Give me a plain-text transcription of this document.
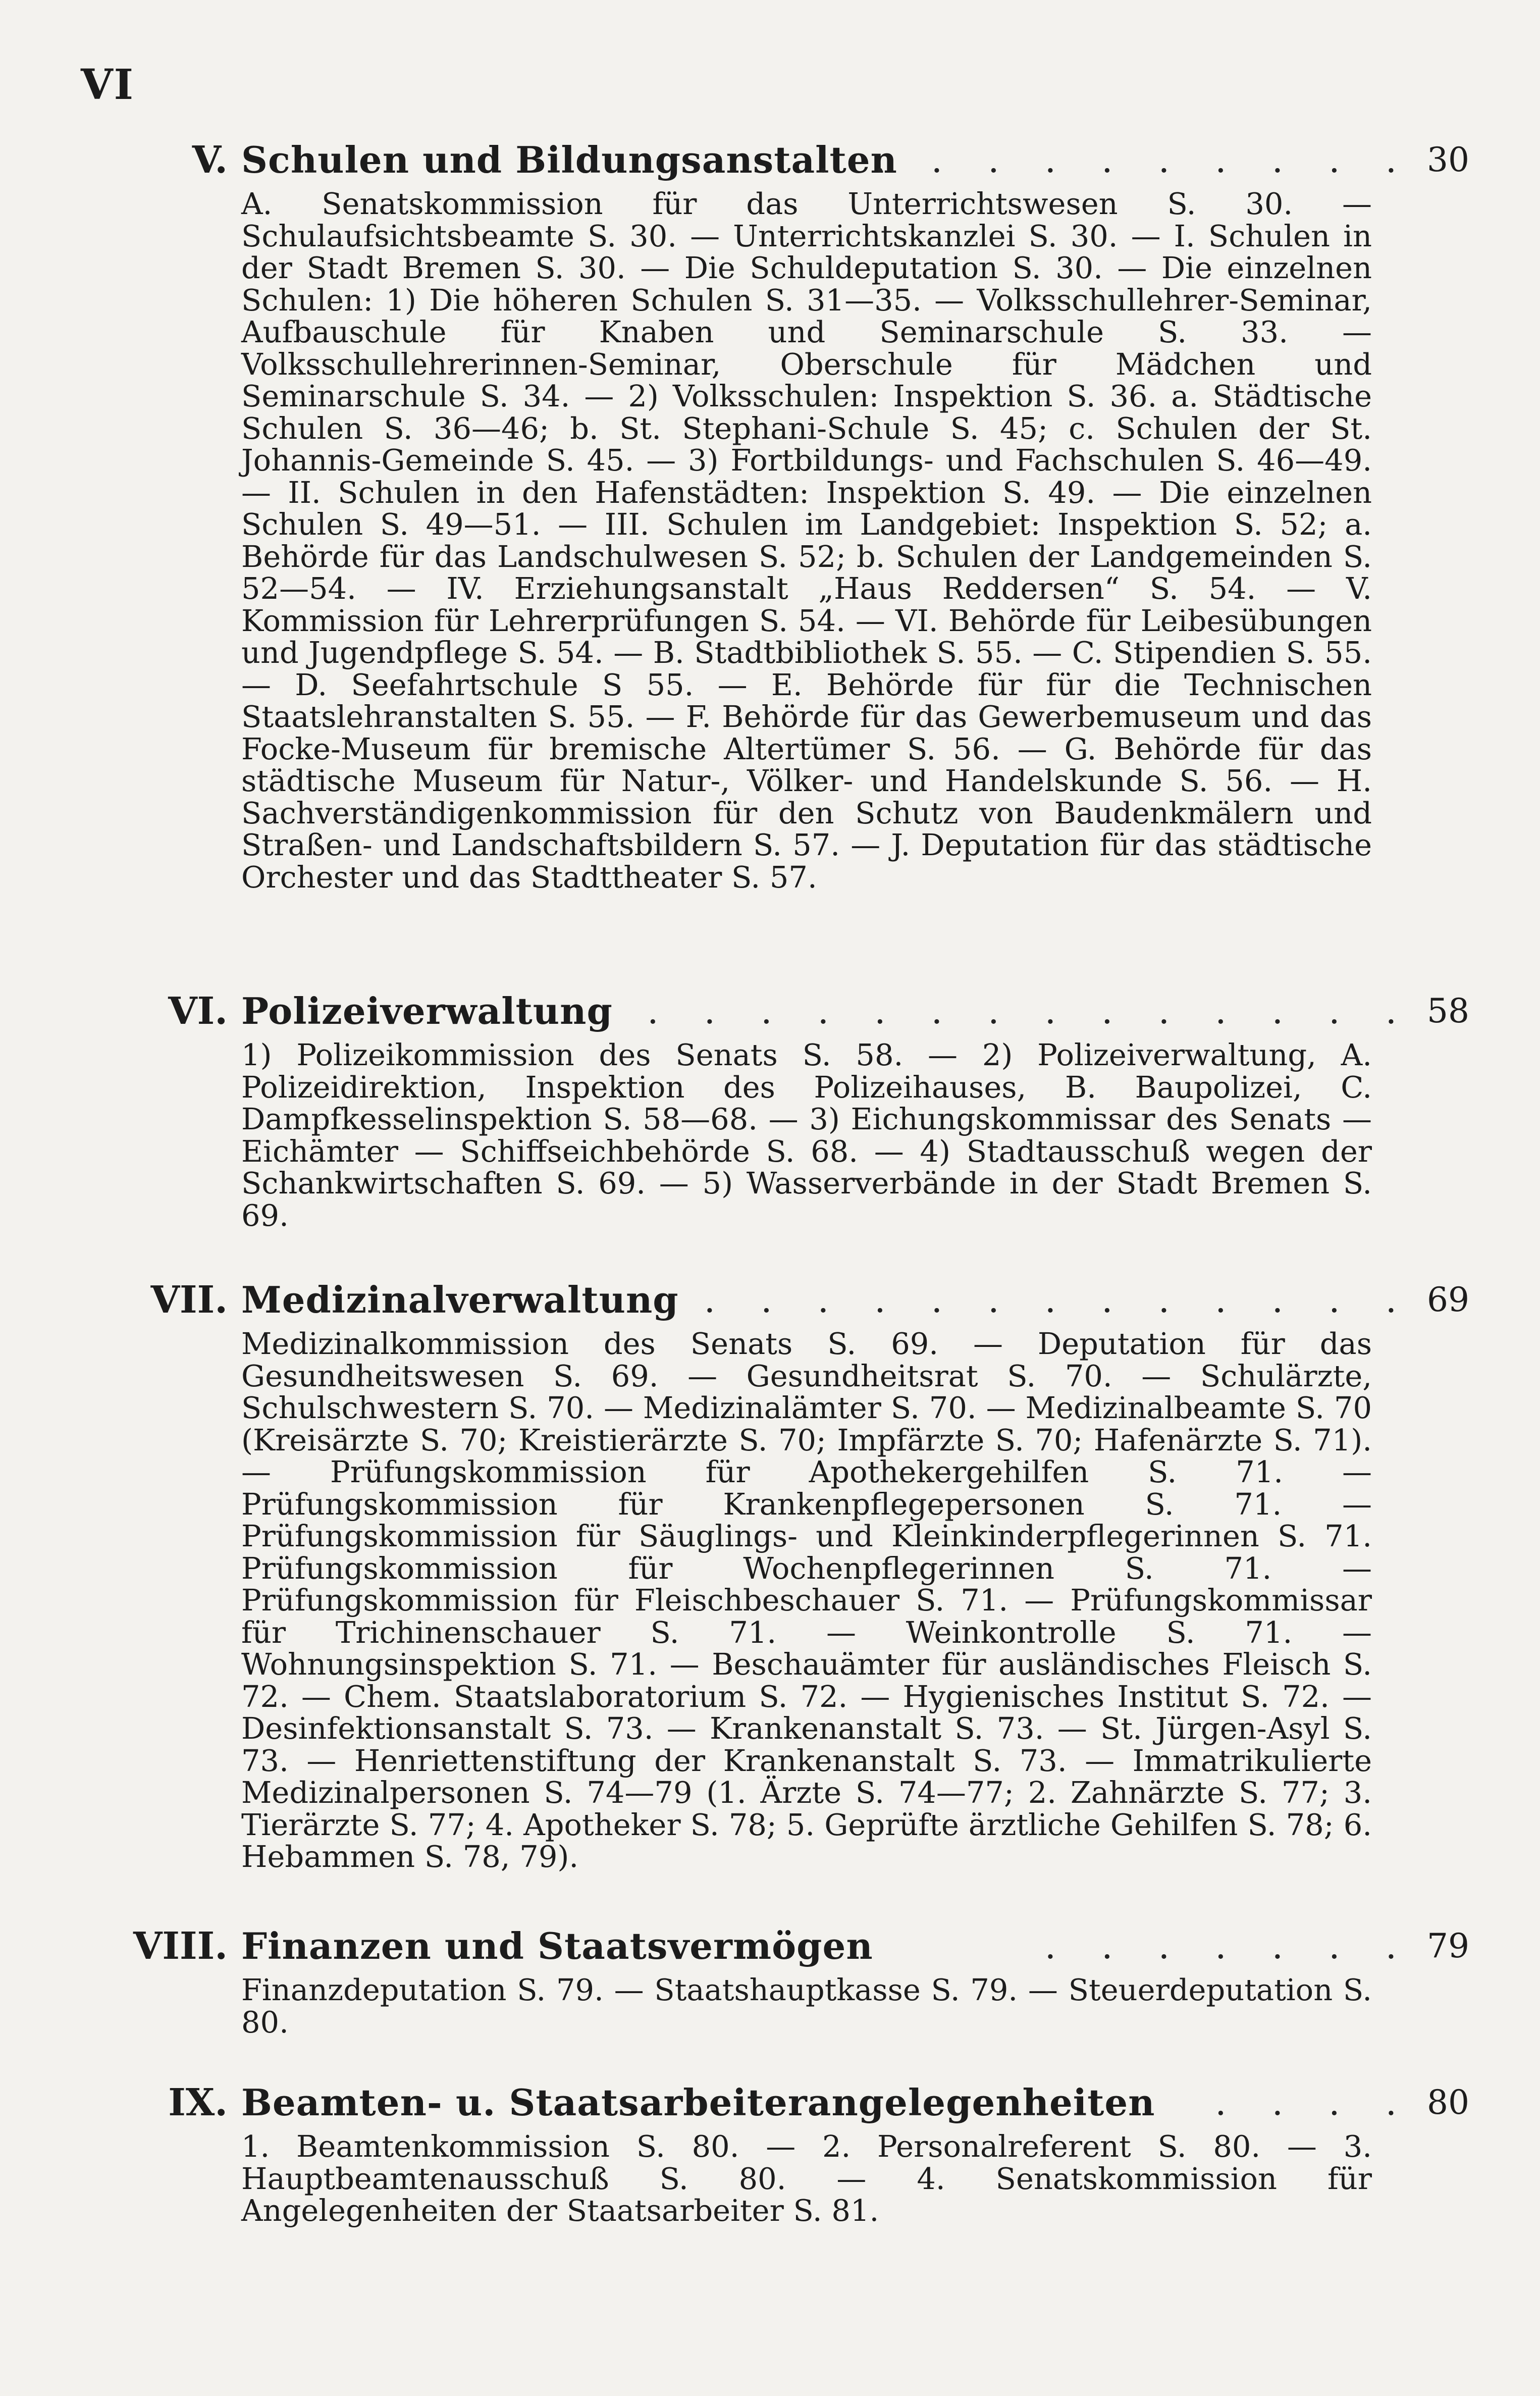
VI
V. Schulen und Bildungsanstalten
. . . . . . . . . . . 30
A. Senatskommission für das Unterrichtswesen S. 30. — Schulaufsichtsbeamte S. 30. — Unterrichtskanzlei S. 30. — I. Schulen in der Stadt Bremen S. 30. — Die Schuldeputation S. 30. — Die einzelnen Schulen: 1) Die höheren Schulen S. 31—35. — Volksschullehrer-Seminar, Aufbauschule für Knaben und Seminarschule S. 33. — Volksschullehrerinnen-Seminar, Oberschule für Mädchen und Seminarschule S. 34. — 2) Volksschulen: Inspektion S. 36. a. Städtische Schulen S. 36—46; b. St. Stephani-Schule S. 45; c. Schulen der St. Johannis-Gemeinde S. 45. — 3) Fortbildungs- und Fachschulen S. 46—49. — II. Schulen in den Hafenstädten: Inspektion S. 49. — Die einzelnen Schulen S. 49—51. — III. Schulen im Landgebiet: Inspektion S. 52; a. Behörde für das Landschulwesen S. 52; b. Schulen der Landgemeinden S. 52—54. — IV. Erziehungsanstalt „Haus Reddersen“ S. 54. — V. Kommission für Lehrerprüfungen S. 54. — VI. Behörde für Leibesübungen und Jugendpflege S. 54. — B. Stadtbibliothek S. 55. — C. Stipendien S. 55. — D. Seefahrtschule S 55. — E. Behörde für für die Technischen Staatslehranstalten S. 55. — F. Behörde für das Gewerbemuseum und das Focke-Museum für bremische Altertümer S. 56. — G. Behörde für das städtische Museum für Natur-, Völker- und Handelskunde S. 56. — H. Sachverständigenkommission für den Schutz von Baudenkmälern und Straßen- und Landschaftsbildern S. 57. — J. Deputation für das städtische Orchester und das Stadttheater S. 57.
VI. Polizeiverwaltung . . . . . . . . . . . . . . 58
1) Polizeikommission des Senats S. 58. — 2) Polizeiverwaltung, A. Polizeidirektion, Inspektion des Polizeihauses, B. Baupolizei, C. Dampfkesselinspektion S. 58—68. — 3) Eichungskommissar des Senats — Eichämter — Schiffseichbehörde S. 68. — 4) Stadtausschuß wegen der Schankwirtschaften S. 69. — 5) Wasserverbände in der Stadt Bremen S. 69.
VII. Medizinalverwaltung . . . . . . . . . . . . . 69
Medizinalkommission des Senats S. 69. — Deputation für das Gesundheitswesen S. 69. — Gesundheitsrat S. 70. — Schulärzte, Schulschwestern S. 70. — Medizinalämter S. 70. — Medizinalbeamte S. 70 (Kreisärzte S. 70; Kreistierärzte S. 70; Impfärzte S. 70; Hafenärzte S. 71). — Prüfungskommission für Apothekergehilfen S. 71. — Prüfungskommission für Krankenpflegepersonen S. 71. — Prüfungskommission für Säuglings- und Kleinkinderpflegerinnen S. 71. Prüfungskommission für Wochenpflegerinnen S. 71. — Prüfungskommission für Fleischbeschauer S. 71. — Prüfungskommissar für Trichinenschauer S. 71. — Weinkontrolle S. 71. — Wohnungsinspektion S. 71. — Beschauämter für ausländisches Fleisch S. 72. — Chem. Staatslaboratorium S. 72. — Hygienisches Institut S. 72. — Desinfektionsanstalt S. 73. — Krankenanstalt S. 73. — St. Jürgen-Asyl S. 73. — Henriettenstiftung der Krankenanstalt S. 73. — Immatrikulierte Medizinalpersonen S. 74—79 (1. Ärzte S. 74—77; 2. Zahnärzte S. 77; 3. Tierärzte S. 77; 4. Apotheker S. 78; 5. Geprüfte ärztliche Gehilfen S. 78; 6. Hebammen S. 78, 79).
VIII. Finanzen und Staatsvermögen	. . . . . . . 79
Finanzdeputation S. 79. — Staatshauptkasse S. 79. — Steuerdeputation S. 80.
IX. Beamten- u. Staatsarbeiterangelegenheiten . . . . 80
1. Beamtenkommission S. 80. — 2. Personalreferent S. 80. — 3. Hauptbeamtenausschuß S. 80. — 4. Senatskommission für Angelegenheiten der Staatsarbeiter S. 81.
